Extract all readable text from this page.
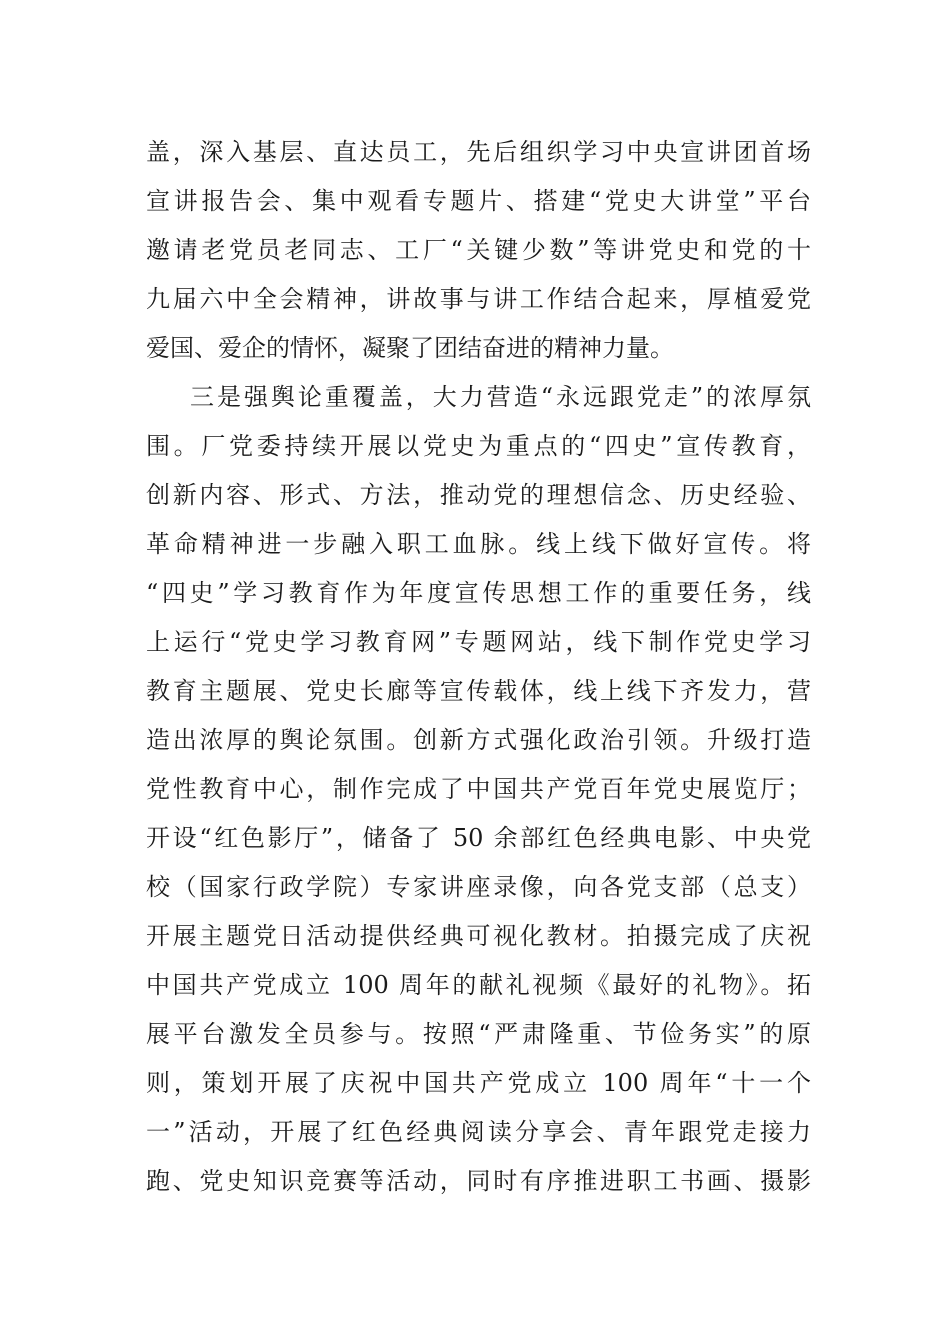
盖，深入基层、直达员工，先后组织学习中央宣讲团首场
宣讲报告会、集中观看专题片、搭建“党史大讲堂”平台
邀请老党员老同志、工厂“关键少数”等讲党史和党的十
九届六中全会精神，讲故事与讲工作结合起来，厚植爱党
爱国、爱企的情怀，凝聚了团结奋进的精神力量。
三是强舆论重覆盖，大力营造“永远跟党走”的浓厚氛
围。厂党委持续开展以党史为重点的“四史”宣传教育，
创新内容、形式、方法，推动党的理想信念、历史经验、
革命精神进一步融入职工血脉。线上线下做好宣传。将
“四史”学习教育作为年度宣传思想工作的重要任务，线
上运行“党史学习教育网”专题网站，线下制作党史学习
教育主题展、党史长廊等宣传载体，线上线下齐发力，营
造出浓厚的舆论氛围。创新方式强化政治引领。升级打造
党性教育中心，制作完成了中国共产党百年党史展览厅；
开设“红色影厅”，储备了 50 余部红色经典电影、中央党
校（国家行政学院）专家讲座录像，向各党支部（总支）
开展主题党日活动提供经典可视化教材。拍摄完成了庆祝
中国共产党成立 100 周年的献礼视频《最好的礼物》。拓
展平台激发全员参与。按照“严肃隆重、节俭务实”的原
则，策划开展了庆祝中国共产党成立 100 周年“十一个
一”活动，开展了红色经典阅读分享会、青年跟党走接力
跑、党史知识竞赛等活动，同时有序推进职工书画、摄影
